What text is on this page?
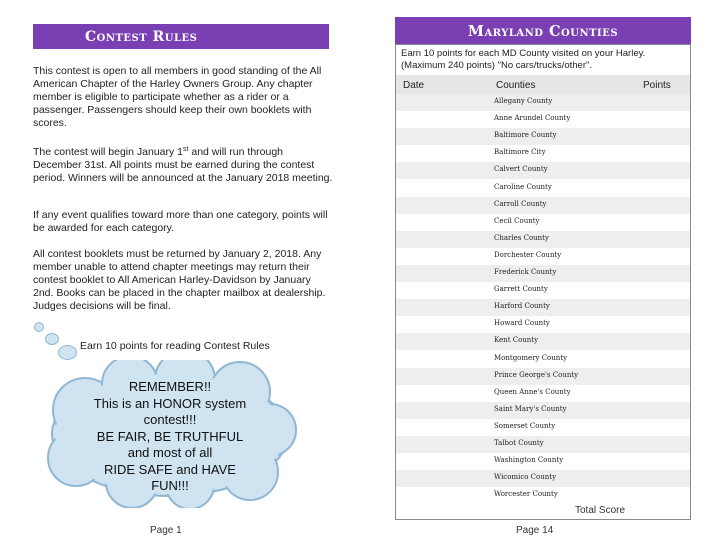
Contest Rules

This contest is open to all members in good standing of the All American Chapter of the Harley Owners Group. Any chapter member is eligible to participate whether as a rider or a passenger. Passengers should keep their own booklets with scores.

The contest will begin January 1st and will run through December 31st. All points must be earned during the contest period. Winners will be announced at the January 2018 meeting.

If any event qualifies toward more than one category, points will be awarded for each category.

All contest booklets must be returned by January 2, 2018. Any member unable to attend chapter meetings may return their contest booklet to All American Harley-Davidson by January 2nd. Books can be placed in the chapter mailbox at dealership. Judges decisions will be final.

Earn 10 points for reading Contest Rules
REMEMBER!!
This is an HONOR system
contest!!!
BE FAIR, BE TRUTHFUL
and most of all
RIDE SAFE and HAVE
FUN!!!
Page 1
Maryland Counties
Earn 10 points for each MD County visited on your Harley.
(Maximum 240 points) "No cars/trucks/other".
Date	Counties	Points
Allegany County
Anne Arundel County
Baltimore County
Baltimore City
Calvert County
Caroline County
Carroll County
Cecil County
Charles County
Dorchester County
Frederick County
Garrett County
Harford County
Howard County
Kent County
Montgomery County
Prince George's County
Queen Anne's County
Saint Mary's County
Somerset County
Talbot County
Washington County
Wicomico County
Worcester County
Total Score
Page 14
